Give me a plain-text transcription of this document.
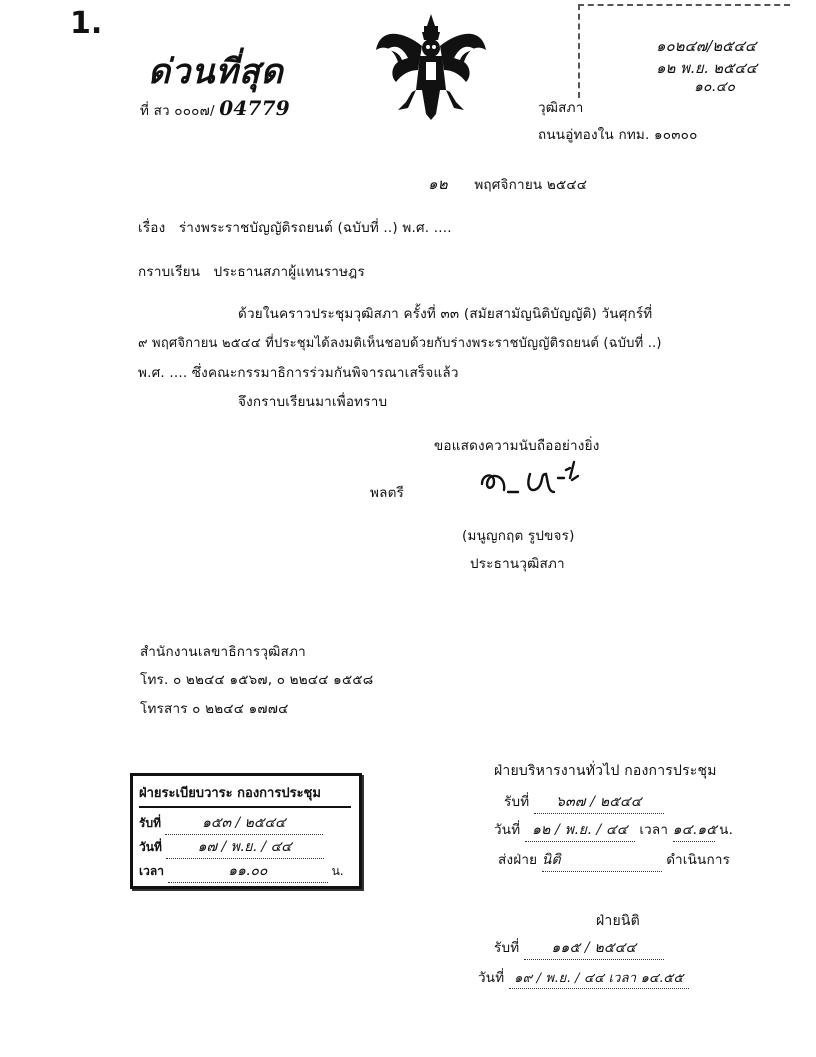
1.
ด่วนที่สุด
ที่ สว ๐๐๐๗/ 04779
๑๐๒๔๗/๒๕๔๔
๑๒ พ.ย. ๒๕๔๔
๑๐.๔๐
วุฒิสภา
ถนนอู่ทองใน กทม. ๑๐๓๐๐
๑๒ พฤศจิกายน ๒๕๔๔
เรื่อง ร่างพระราชบัญญัติรถยนต์ (ฉบับที่ ..) พ.ศ. ....
กราบเรียน ประธานสภาผู้แทนราษฎร
ด้วยในคราวประชุมวุฒิสภา ครั้งที่ ๓๓ (สมัยสามัญนิติบัญญัติ) วันศุกร์ที่
๙ พฤศจิกายน ๒๕๔๔ ที่ประชุมได้ลงมติเห็นชอบด้วยกับร่างพระราชบัญญัติรถยนต์ (ฉบับที่ ..)
พ.ศ. .... ซึ่งคณะกรรมาธิการร่วมกันพิจารณาเสร็จแล้ว
จึงกราบเรียนมาเพื่อทราบ
ขอแสดงความนับถืออย่างยิ่ง
พลตรี
(มนูญกฤต รูปขจร)
ประธานวุฒิสภา
สำนักงานเลขาธิการวุฒิสภา
โทร. ๐ ๒๒๔๔ ๑๕๖๗, ๐ ๒๒๔๔ ๑๕๕๘
โทรสาร ๐ ๒๒๔๔ ๑๗๗๔
ฝ่ายระเบียบวาระ กองการประชุม
รับที่	๑๕๓ / ๒๕๔๔
วันที่	๑๗ / พ.ย. / ๔๔
เวลา	๑๑.๐๐	น.
ฝ่ายบริหารงานทั่วไป กองการประชุม
รับที่ ๖๓๗ / ๒๕๔๔
วันที่ ๑๒ / พ.ย. / ๔๔ เวลา ๑๔.๑๕ น.
ส่งฝ่าย นิติ	ดำเนินการ
ฝ่ายนิติ
รับที่ ๑๑๕ / ๒๕๔๔
วันที่ ๑๙ / พ.ย. / ๔๔ เวลา ๑๔.๕๕
